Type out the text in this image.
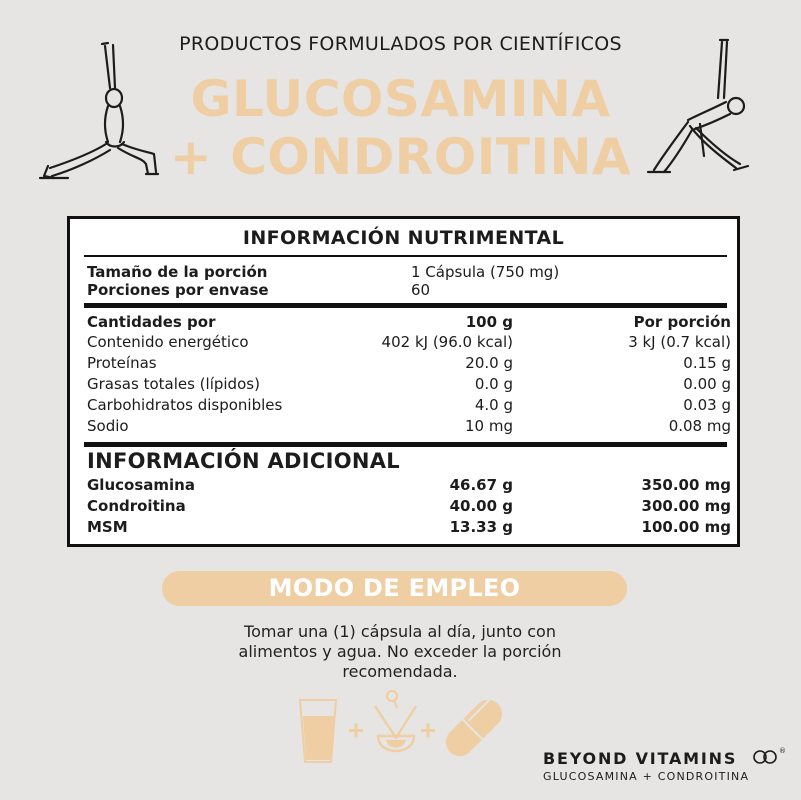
PRODUCTOS FORMULADOS POR CIENTÍFICOS
GLUCOSAMINA
+ CONDROITINA
INFORMACIÓN NUTRIMENTAL
Tamaño de la porción	1 Cápsula (750 mg)
Porciones por envase	60
Cantidades por	100 g	Por porción
Contenido energético	402 kJ (96.0 kcal)	3 kJ (0.7 kcal)
Proteínas	20.0 g	0.15 g
Grasas totales (lípidos)	0.0 g	0.00 g
Carbohidratos disponibles	4.0 g	0.03 g
Sodio	10 mg	0.08 mg
INFORMACIÓN ADICIONAL
Glucosamina	46.67 g	350.00 mg
Condroitina	40.00 g	300.00 mg
MSM	13.33 g	100.00 mg
MODO DE EMPLEO
Tomar una (1) cápsula al día, junto con
alimentos y agua. No exceder la porción
recomendada.
BEYOND VITAMINS	®
GLUCOSAMINA + CONDROITINA
